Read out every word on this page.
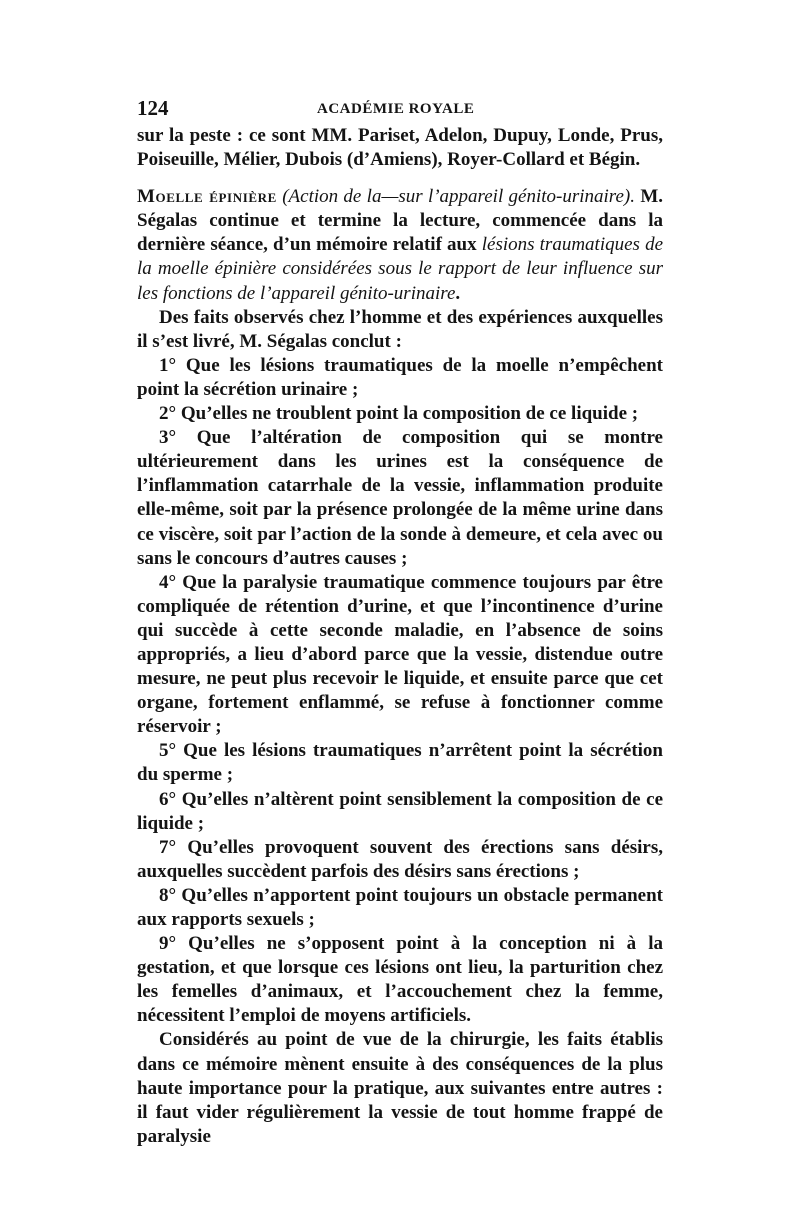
124	ACADÉMIE ROYALE

sur la peste : ce sont MM. Pariset, Adelon, Dupuy, Londe, Prus, Poiseuille, Mélier, Dubois (d’Amiens), Royer-Collard et Bégin.

Moelle épinière (Action de la—sur l’appareil génito-urinaire). M. Ségalas continue et termine la lecture, commencée dans la dernière séance, d’un mémoire relatif aux lésions traumatiques de la moelle épinière considérées sous le rapport de leur influence sur les fonctions de l’appareil génito-urinaire.

Des faits observés chez l’homme et des expériences auxquelles il s’est livré, M. Ségalas conclut :

1° Que les lésions traumatiques de la moelle n’empêchent point la sécrétion urinaire ;

2° Qu’elles ne troublent point la composition de ce liquide ;

3° Que l’altération de composition qui se montre ultérieurement dans les urines est la conséquence de l’inflammation catarrhale de la vessie, inflammation produite elle-même, soit par la présence prolongée de la même urine dans ce viscère, soit par l’action de la sonde à demeure, et cela avec ou sans le concours d’autres causes ;

4° Que la paralysie traumatique commence toujours par être compliquée de rétention d’urine, et que l’incontinence d’urine qui succède à cette seconde maladie, en l’absence de soins appropriés, a lieu d’abord parce que la vessie, distendue outre mesure, ne peut plus recevoir le liquide, et ensuite parce que cet organe, fortement enflammé, se refuse à fonctionner comme réservoir ;

5° Que les lésions traumatiques n’arrêtent point la sécrétion du sperme ;

6° Qu’elles n’altèrent point sensiblement la composition de ce liquide ;

7° Qu’elles provoquent souvent des érections sans désirs, auxquelles succèdent parfois des désirs sans érections ;

8° Qu’elles n’apportent point toujours un obstacle permanent aux rapports sexuels ;

9° Qu’elles ne s’opposent point à la conception ni à la gestation, et que lorsque ces lésions ont lieu, la parturition chez les femelles d’animaux, et l’accouchement chez la femme, nécessitent l’emploi de moyens artificiels.

Considérés au point de vue de la chirurgie, les faits établis dans ce mémoire mènent ensuite à des conséquences de la plus haute importance pour la pratique, aux suivantes entre autres : il faut vider régulièrement la vessie de tout homme frappé de paralysie
